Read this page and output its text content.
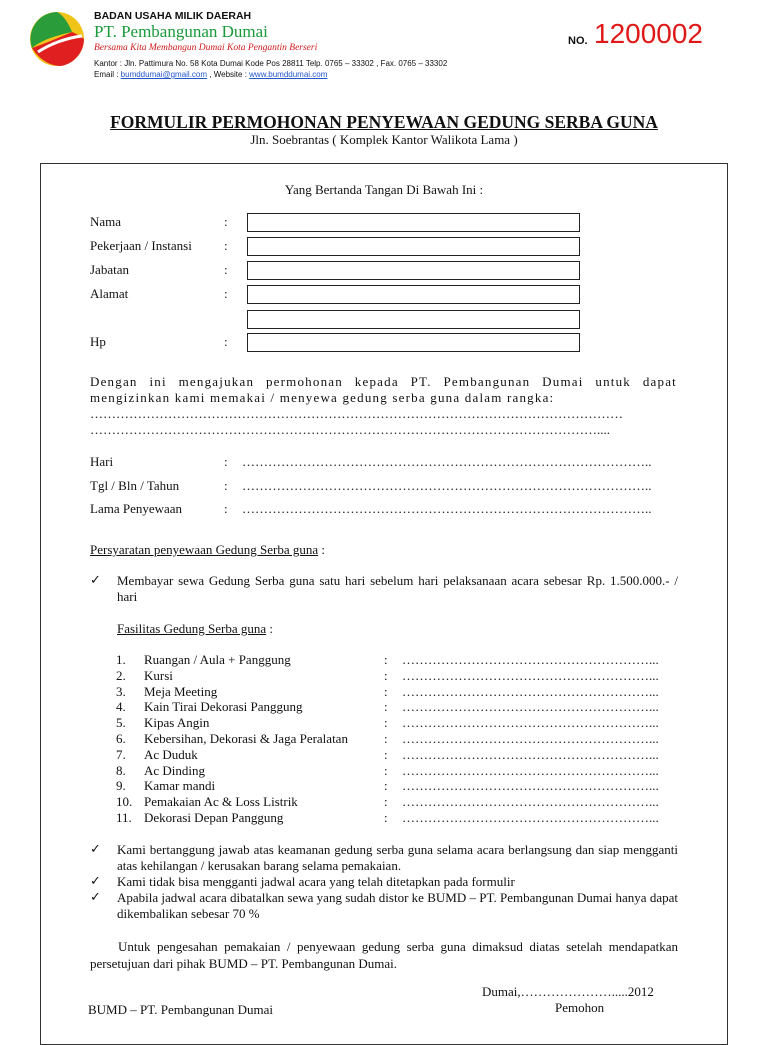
BADAN USAHA MILIK DAERAH
PT. Pembangunan Dumai
Bersama Kita Membangun Dumai Kota Pengantin Berseri
Kantor : Jln. Pattimura No. 58 Kota Dumai Kode Pos 28811 Telp. 0765 – 33302 , Fax. 0765 – 33302
Email : bumddumai@gmail.com , Website : www.bumddumai.com
NO. 1200002
FORMULIR PERMOHONAN PENYEWAAN GEDUNG SERBA GUNA
Jln. Soebrantas ( Komplek Kantor Walikota Lama )
Yang Bertanda Tangan Di Bawah Ini :
Nama	:
Pekerjaan / Instansi :
Jabatan	:
Alamat	:
Hp	:
Dengan ini mengajukan permohonan kepada PT. Pembangunan Dumai untuk dapat mengizinkan kami memakai / menyewa gedung serba guna dalam rangka:
……………………………………………………………………………………………………………
………………………………………………………………………………………………………....
Hari	: …………………………………………………………………………………..
Tgl / Bln / Tahun	: …………………………………………………………………………………..
Lama Penyewaan	: …………………………………………………………………………………..
Persyaratan penyewaan Gedung Serba guna :
✓ Membayar sewa Gedung Serba guna satu hari sebelum hari pelaksanaan acara sebesar Rp. 1.500.000.- / hari
Fasilitas Gedung Serba guna :
1.	Ruangan / Aula + Panggung	: …………………………………………………...
2.	Kursi	: …………………………………………………...
3.	Meja Meeting	: …………………………………………………...
4.	Kain Tirai Dekorasi Panggung	: …………………………………………………...
5.	Kipas Angin	: …………………………………………………...
6.	Kebersihan, Dekorasi & Jaga Peralatan	: …………………………………………………...
7.	Ac Duduk	: …………………………………………………...
8.	Ac Dinding	: …………………………………………………...
9.	Kamar mandi	: …………………………………………………...
10. Pemakaian Ac & Loss Listrik	: …………………………………………………...
11. Dekorasi Depan Panggung	: …………………………………………………...
✓ Kami bertanggung jawab atas keamanan gedung serba guna selama acara berlangsung dan siap mengganti atas kehilangan / kerusakan barang selama pemakaian.
✓ Kami tidak bisa mengganti jadwal acara yang telah ditetapkan pada formulir
✓ Apabila jadwal acara dibatalkan sewa yang sudah distor ke BUMD – PT. Pembangunan Dumai hanya dapat dikembalikan sebesar 70 %
Untuk pengesahan pemakaian / penyewaan gedung serba guna dimaksud diatas setelah mendapatkan persetujuan dari pihak BUMD – PT. Pembangunan Dumai.
Dumai,………………….....2012
Pemohon
BUMD – PT. Pembangunan Dumai
